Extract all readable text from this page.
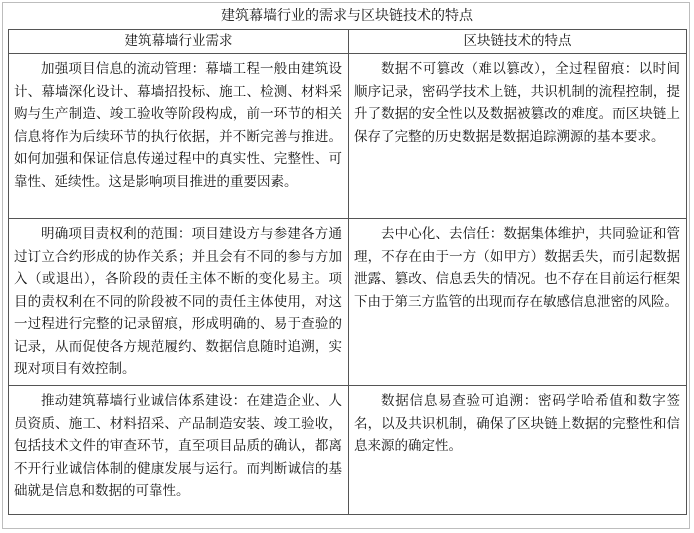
建筑幕墙行业的需求与区块链技术的特点
建筑幕墙行业需求	区块链技术的特点
加强项目信息的流动管理：幕墙工程一般由建筑设计、幕墙深化设计、幕墙招投标、施工、检测、材料采购与生产制造、竣工验收等阶段构成，前一环节的相关信息将作为后续环节的执行依据，并不断完善与推进。如何加强和保证信息传递过程中的真实性、完整性、可靠性、延续性。这是影响项目推进的重要因素。	数据不可篡改（难以篡改），全过程留痕：以时间顺序记录，密码学技术上链，共识机制的流程控制，提升了数据的安全性以及数据被篡改的难度。而区块链上保存了完整的历史数据是数据追踪溯源的基本要求。
明确项目责权利的范围：项目建设方与参建各方通过订立合约形成的协作关系；并且会有不同的参与方加入（或退出），各阶段的责任主体不断的变化易主。项目的责权利在不同的阶段被不同的责任主体使用，对这一过程进行完整的记录留痕，形成明确的、易于查验的记录，从而促使各方规范履约、数据信息随时追溯，实现对项目有效控制。	去中心化、去信任：数据集体维护，共同验证和管理，不存在由于一方（如甲方）数据丢失，而引起数据泄露、篡改、信息丢失的情况。也不存在目前运行框架下由于第三方监管的出现而存在敏感信息泄密的风险。
推动建筑幕墙行业诚信体系建设：在建造企业、人员资质、施工、材料招采、产品制造安装、竣工验收，包括技术文件的审查环节，直至项目品质的确认，都离不开行业诚信体制的健康发展与运行。而判断诚信的基础就是信息和数据的可靠性。	数据信息易查验可追溯：密码学哈希值和数字签名，以及共识机制，确保了区块链上数据的完整性和信息来源的确定性。
